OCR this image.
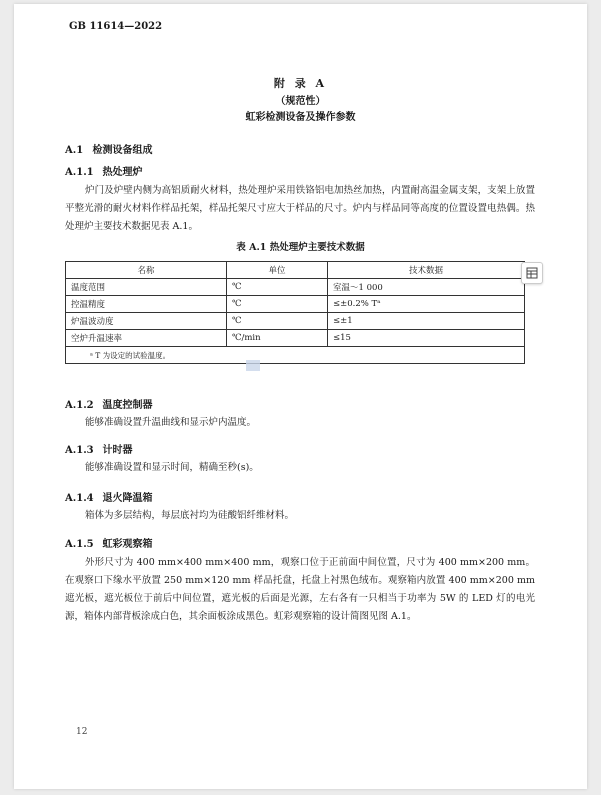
GB 11614—2022
附 录 A
（规范性）
虹彩检测设备及操作参数
A.1 检测设备组成
A.1.1 热处理炉
炉门及炉壁内侧为高铝质耐火材料，热处理炉采用铁铬铝电加热丝加热，内置耐高温金属支架，支架上放置平整光滑的耐火材料作样品托架，样品托架尺寸应大于样品的尺寸。炉内与样品同等高度的位置设置电热偶。热处理炉主要技术数据见表 A.1。
表 A.1 热处理炉主要技术数据
名称	单位	技术数据
温度范围	℃	室温～1 000
控温精度	℃	≤±0.2% Tᵃ
炉温波动度	℃	≤±1
空炉升温速率	℃/min	≤15
ᵃ T 为设定的试验温度。		
A.1.2 温度控制器
能够准确设置升温曲线和显示炉内温度。
A.1.3 计时器
能够准确设置和显示时间，精确至秒(s)。
A.1.4 退火降温箱
箱体为多层结构，每层底衬均为硅酸铝纤维材料。
A.1.5 虹彩观察箱
外形尺寸为 400 mm×400 mm×400 mm，观察口位于正前面中间位置，尺寸为 400 mm×200 mm。在观察口下缘水平放置 250 mm×120 mm 样品托盘，托盘上衬黑色绒布。观察箱内放置 400 mm×200 mm 遮光板，遮光板位于前后中间位置，遮光板的后面是光源，左右各有一只相当于功率为 5W 的 LED 灯的电光源，箱体内部背板涂成白色，其余面板涂成黑色。虹彩观察箱的设计简图见图 A.1。
12
